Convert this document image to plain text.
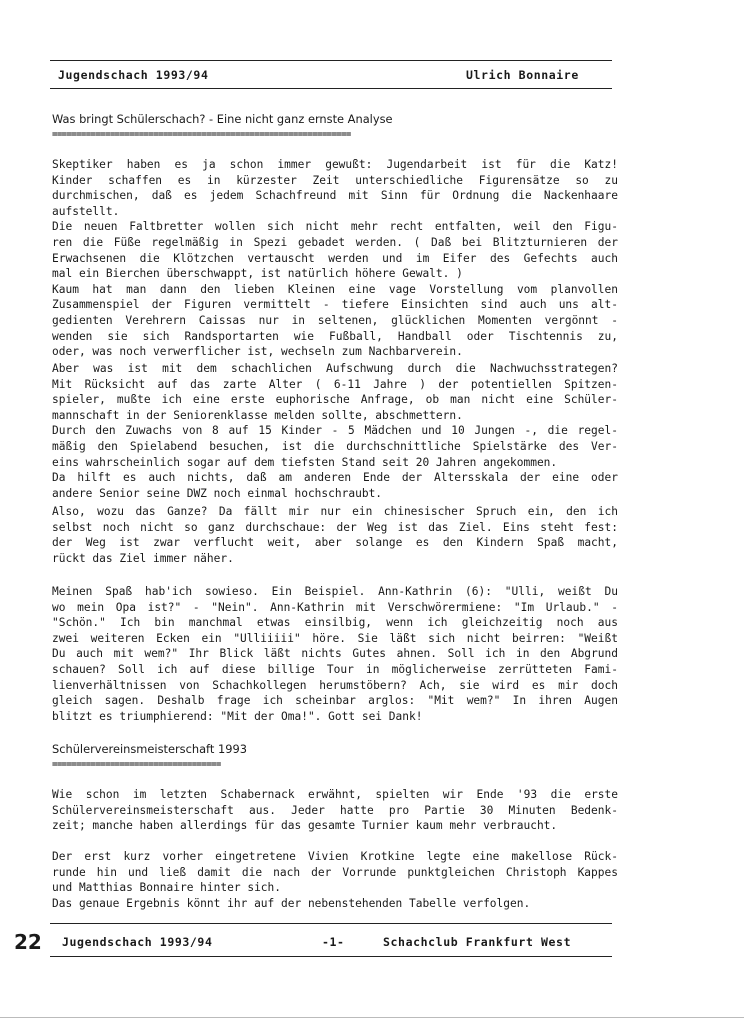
Jugendschach 1993/94	Ulrich Bonnaire
Was bringt Schülerschach? - Eine nicht ganz ernste Analyse
==============================================================
Skeptiker haben es ja schon immer gewußt: Jugendarbeit ist für die Katz!
Kinder schaffen es in kürzester Zeit unterschiedliche Figurensätze so zu
durchmischen, daß es jedem Schachfreund mit Sinn für Ordnung die Nackenhaare
aufstellt.
Die neuen Faltbretter wollen sich nicht mehr recht entfalten, weil den Figu-
ren die Füße regelmäßig in Spezi gebadet werden. ( Daß bei Blitzturnieren der
Erwachsenen die Klötzchen vertauscht werden und im Eifer des Gefechts auch
mal ein Bierchen überschwappt, ist natürlich höhere Gewalt. )
Kaum hat man dann den lieben Kleinen eine vage Vorstellung vom planvollen
Zusammenspiel der Figuren vermittelt - tiefere Einsichten sind auch uns alt-
gedienten Verehrern Caissas nur in seltenen, glücklichen Momenten vergönnt -
wenden sie sich Randsportarten wie Fußball, Handball oder Tischtennis zu,
oder, was noch verwerflicher ist, wechseln zum Nachbarverein.
Aber was ist mit dem schachlichen Aufschwung durch die Nachwuchsstrategen?
Mit Rücksicht auf das zarte Alter ( 6-11 Jahre ) der potentiellen Spitzen-
spieler, mußte ich eine erste euphorische Anfrage, ob man nicht eine Schüler-
mannschaft in der Seniorenklasse melden sollte, abschmettern.
Durch den Zuwachs von 8 auf 15 Kinder - 5 Mädchen und 10 Jungen -, die regel-
mäßig den Spielabend besuchen, ist die durchschnittliche Spielstärke des Ver-
eins wahrscheinlich sogar auf dem tiefsten Stand seit 20 Jahren angekommen.
Da hilft es auch nichts, daß am anderen Ende der Altersskala der eine oder
andere Senior seine DWZ noch einmal hochschraubt.
Also, wozu das Ganze? Da fällt mir nur ein chinesischer Spruch ein, den ich
selbst noch nicht so ganz durchschaue: der Weg ist das Ziel. Eins steht fest:
der Weg ist zwar verflucht weit, aber solange es den Kindern Spaß macht,
rückt das Ziel immer näher.
Meinen Spaß hab'ich sowieso. Ein Beispiel. Ann-Kathrin (6): "Ulli, weißt Du
wo mein Opa ist?" - "Nein". Ann-Kathrin mit Verschwörermiene: "Im Urlaub." -
"Schön." Ich bin manchmal etwas einsilbig, wenn ich gleichzeitig noch aus
zwei weiteren Ecken ein "Ulliiiii" höre. Sie läßt sich nicht beirren: "Weißt
Du auch mit wem?" Ihr Blick läßt nichts Gutes ahnen. Soll ich in den Abgrund
schauen? Soll ich auf diese billige Tour in möglicherweise zerrütteten Fami-
lienverhältnissen von Schachkollegen herumstöbern? Ach, sie wird es mir doch
gleich sagen. Deshalb frage ich scheinbar arglos: "Mit wem?" In ihren Augen
blitzt es triumphierend: "Mit der Oma!". Gott sei Dank!
Schülervereinsmeisterschaft 1993
===================================
Wie schon im letzten Schabernack erwähnt, spielten wir Ende '93 die erste
Schülervereinsmeisterschaft aus. Jeder hatte pro Partie 30 Minuten Bedenk-
zeit; manche haben allerdings für das gesamte Turnier kaum mehr verbraucht.
Der erst kurz vorher eingetretene Vivien Krotkine legte eine makellose Rück-
runde hin und ließ damit die nach der Vorrunde punktgleichen Christoph Kappes
und Matthias Bonnaire hinter sich.
Das genaue Ergebnis könnt ihr auf der nebenstehenden Tabelle verfolgen.
22 Jugendschach 1993/94	-1-	Schachclub Frankfurt West
